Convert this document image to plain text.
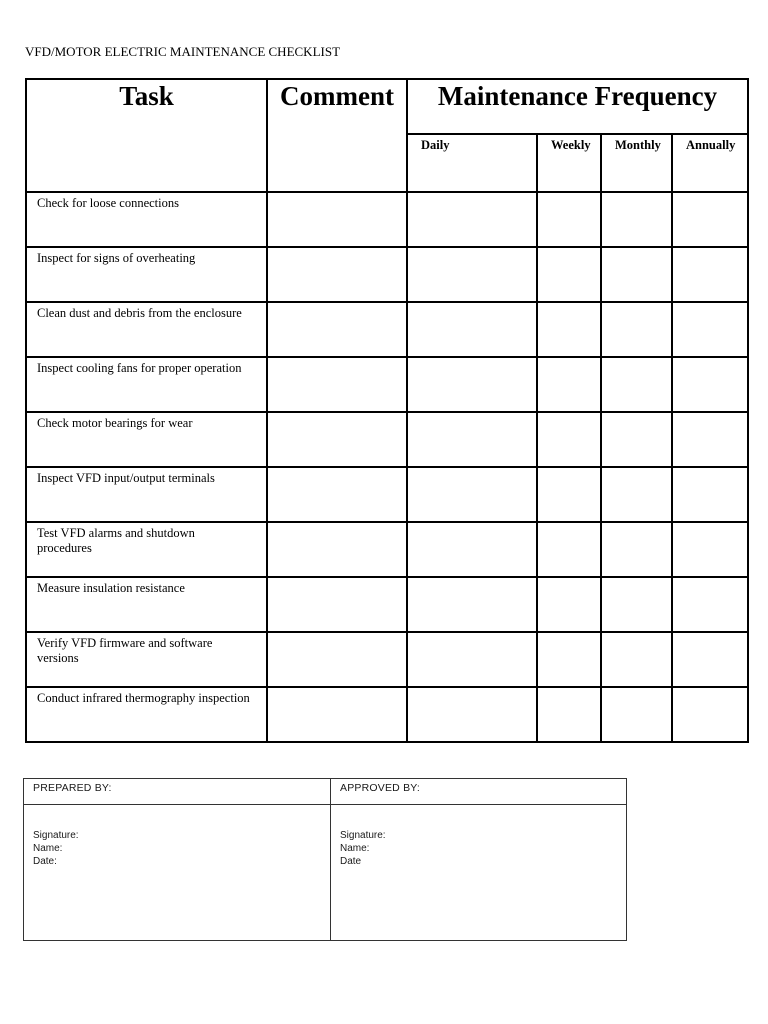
VFD/MOTOR ELECTRIC MAINTENANCE CHECKLIST
Task	Comment	Maintenance Frequency			
		Daily	Weekly	Monthly	Annually
Check for loose connections					
Inspect for signs of overheating					
Clean dust and debris from the enclosure					
Inspect cooling fans for proper operation					
Check motor bearings for wear					
Inspect VFD input/output terminals					
Test VFD alarms and shutdown procedures					
Measure insulation resistance					
Verify VFD firmware and software versions					
Conduct infrared thermography inspection					
PREPARED BY:	APPROVED BY:

Signature:
Name:
Date:

Signature:
Name:
Date
